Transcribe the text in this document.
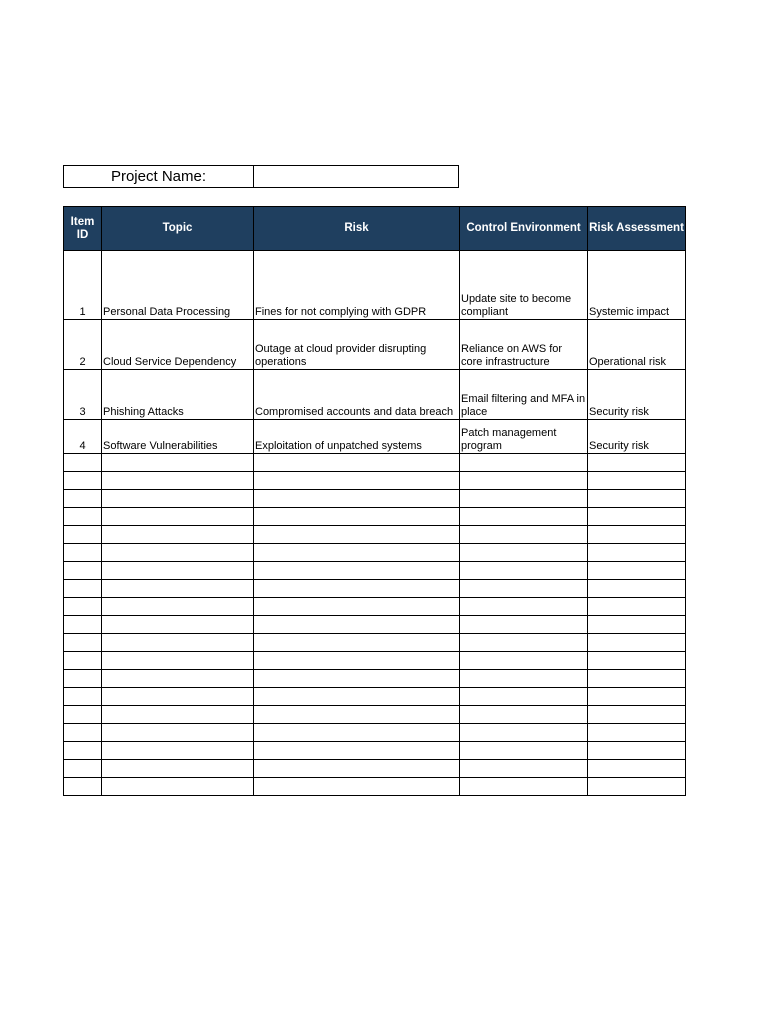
Project Name:
Item ID	Topic	Risk	Control Environment	Risk Assessment
1	Personal Data Processing	Fines for not complying with GDPR	Update site to become compliant	Systemic impact
2	Cloud Service Dependency	Outage at cloud provider disrupting operations	Reliance on AWS for core infrastructure	Operational risk
3	Phishing Attacks	Compromised accounts and data breach	Email filtering and MFA in place	Security risk
4	Software Vulnerabilities	Exploitation of unpatched systems	Patch management program	Security risk
